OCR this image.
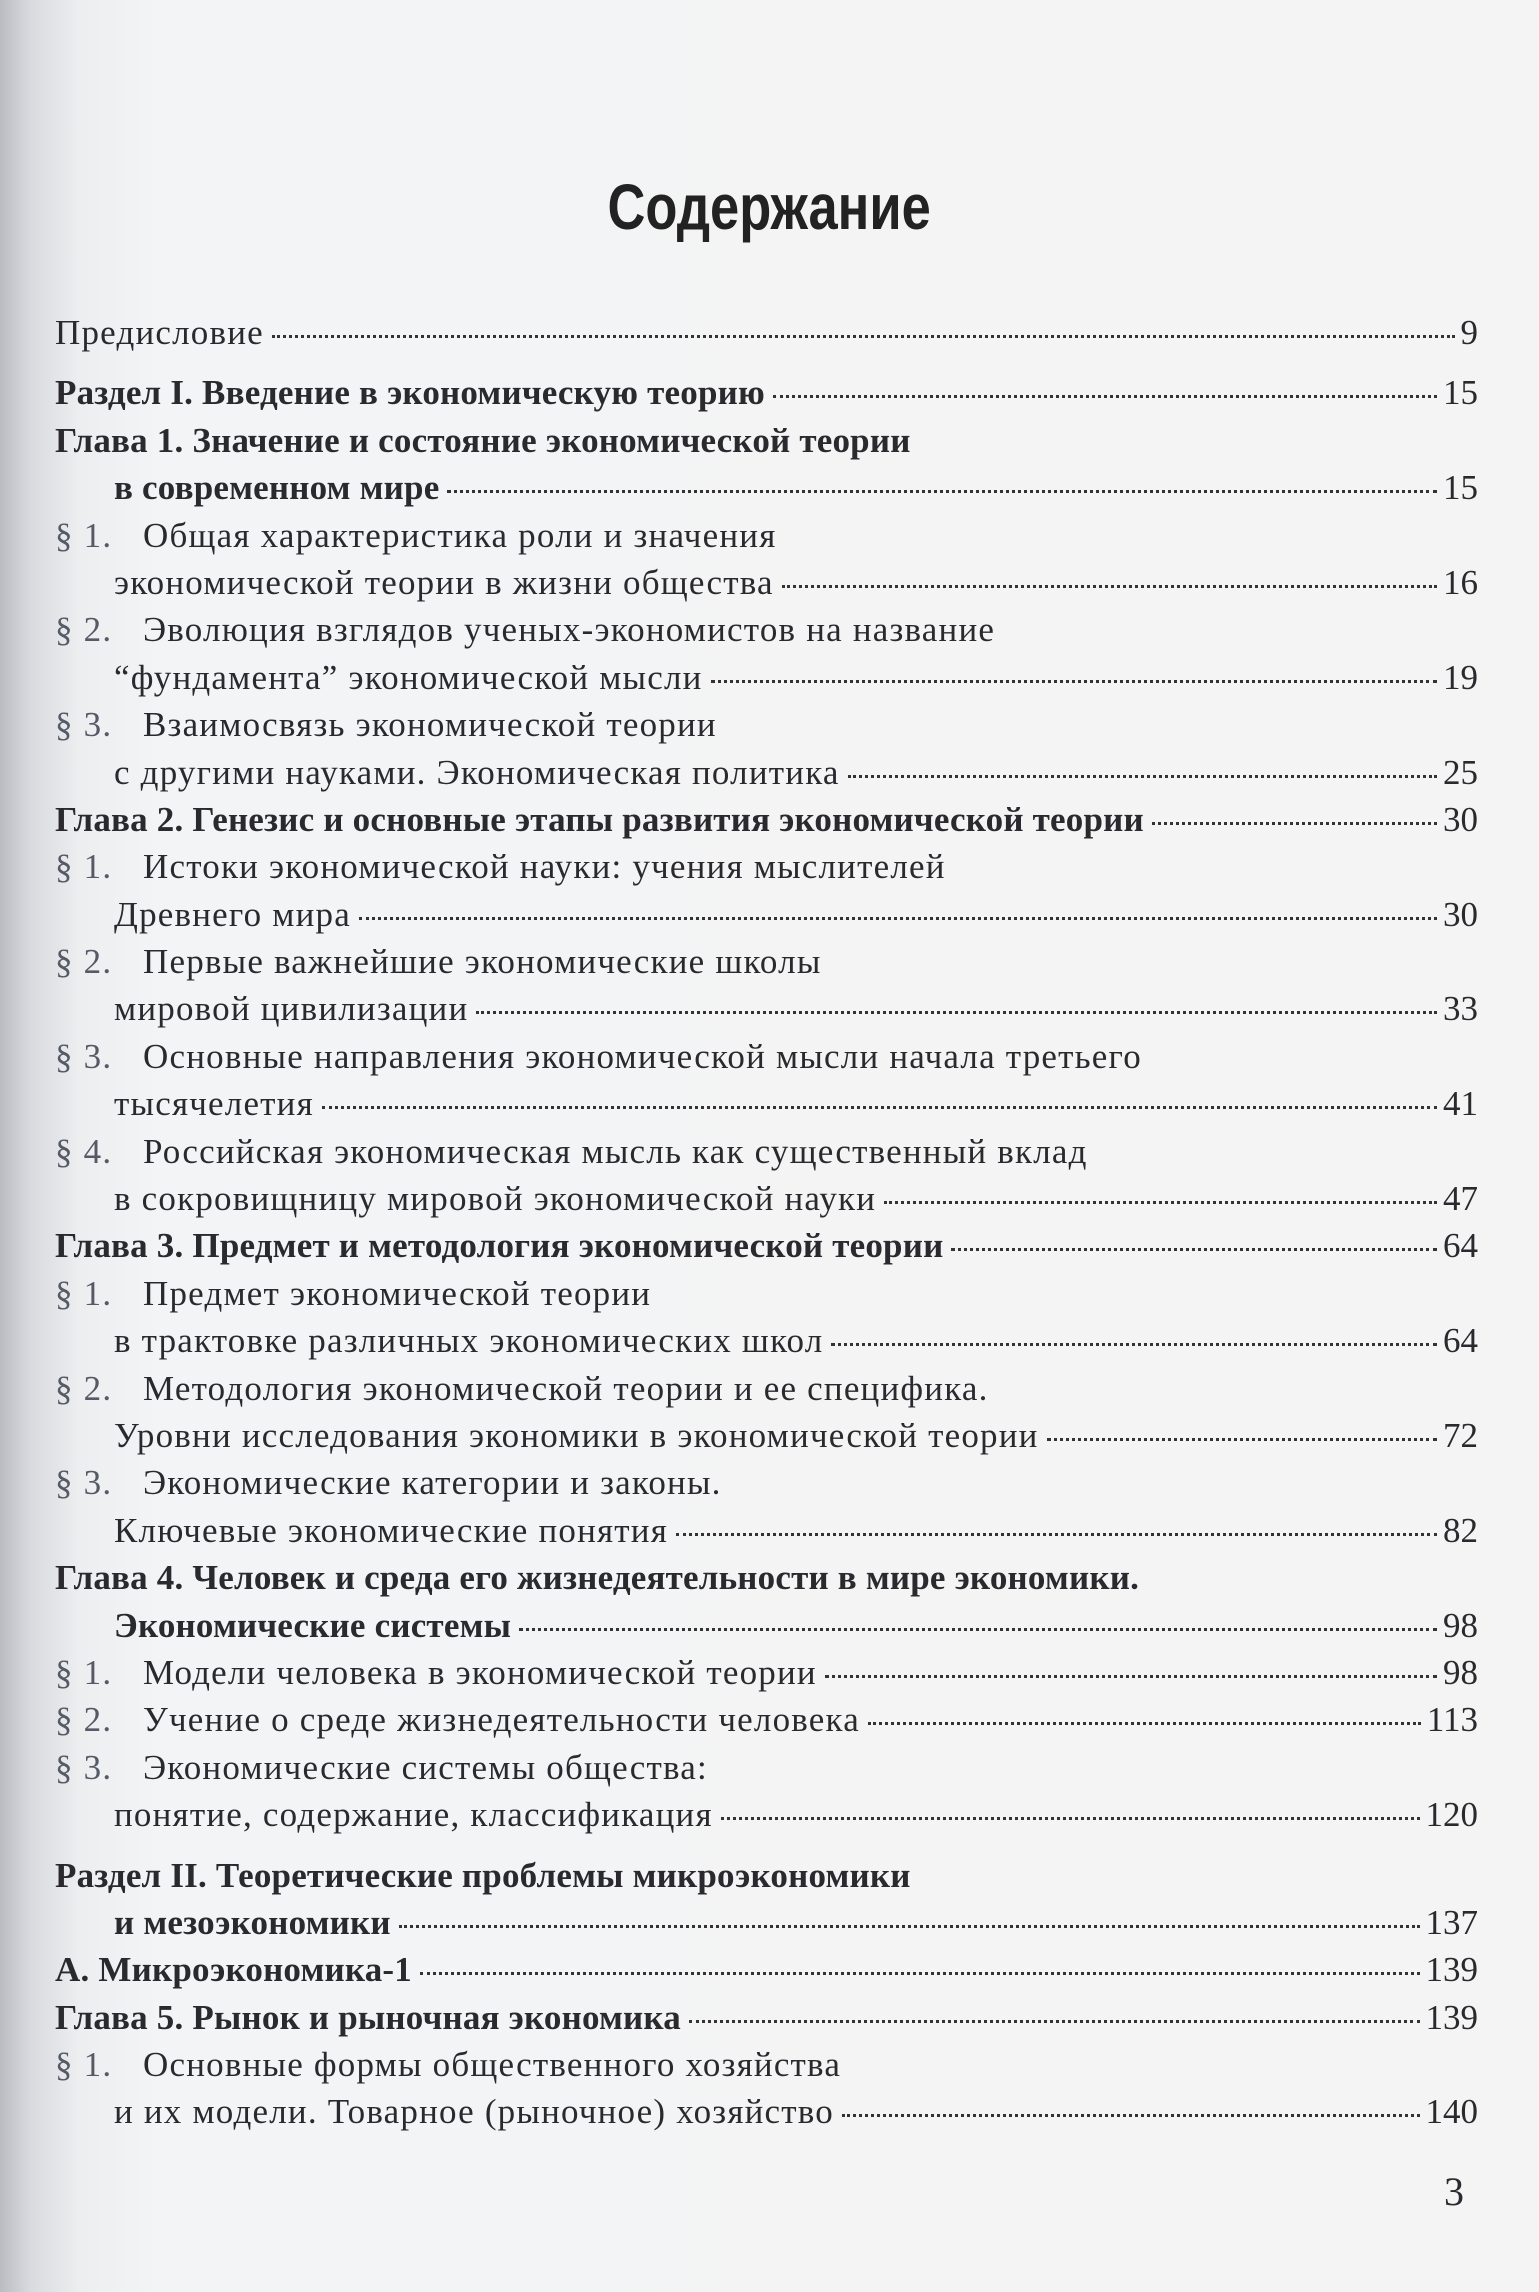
Содержание
Предисловие	9
Раздел I. Введение в экономическую теорию	15
Глава 1. Значение и состояние экономической теории
в современном мире	15
§ 1. Общая характеристика роли и значения
экономической теории в жизни общества	16
§ 2. Эволюция взглядов ученых-экономистов на название
“фундамента” экономической мысли	19
§ 3. Взаимосвязь экономической теории
с другими науками. Экономическая политика	25
Глава 2. Генезис и основные этапы развития экономической теории	30
§ 1. Истоки экономической науки: учения мыслителей
Древнего мира	30
§ 2. Первые важнейшие экономические школы
мировой цивилизации	33
§ 3. Основные направления экономической мысли начала третьего
тысячелетия	41
§ 4. Российская экономическая мысль как существенный вклад
в сокровищницу мировой экономической науки	47
Глава 3. Предмет и методология экономической теории	64
§ 1. Предмет экономической теории
в трактовке различных экономических школ	64
§ 2. Методология экономической теории и ее специфика.
Уровни исследования экономики в экономической теории	72
§ 3. Экономические категории и законы.
Ключевые экономические понятия	82
Глава 4. Человек и среда его жизнедеятельности в мире экономики.
Экономические системы	98
§ 1. Модели человека в экономической теории	98
§ 2. Учение о среде жизнедеятельности человека	113
§ 3. Экономические системы общества:
понятие, содержание, классификация	120
Раздел II. Теоретические проблемы микроэкономики
и мезоэкономики	137
А. Микроэкономика-1	139
Глава 5. Рынок и рыночная экономика	139
§ 1. Основные формы общественного хозяйства
и их модели. Товарное (рыночное) хозяйство	140
3
